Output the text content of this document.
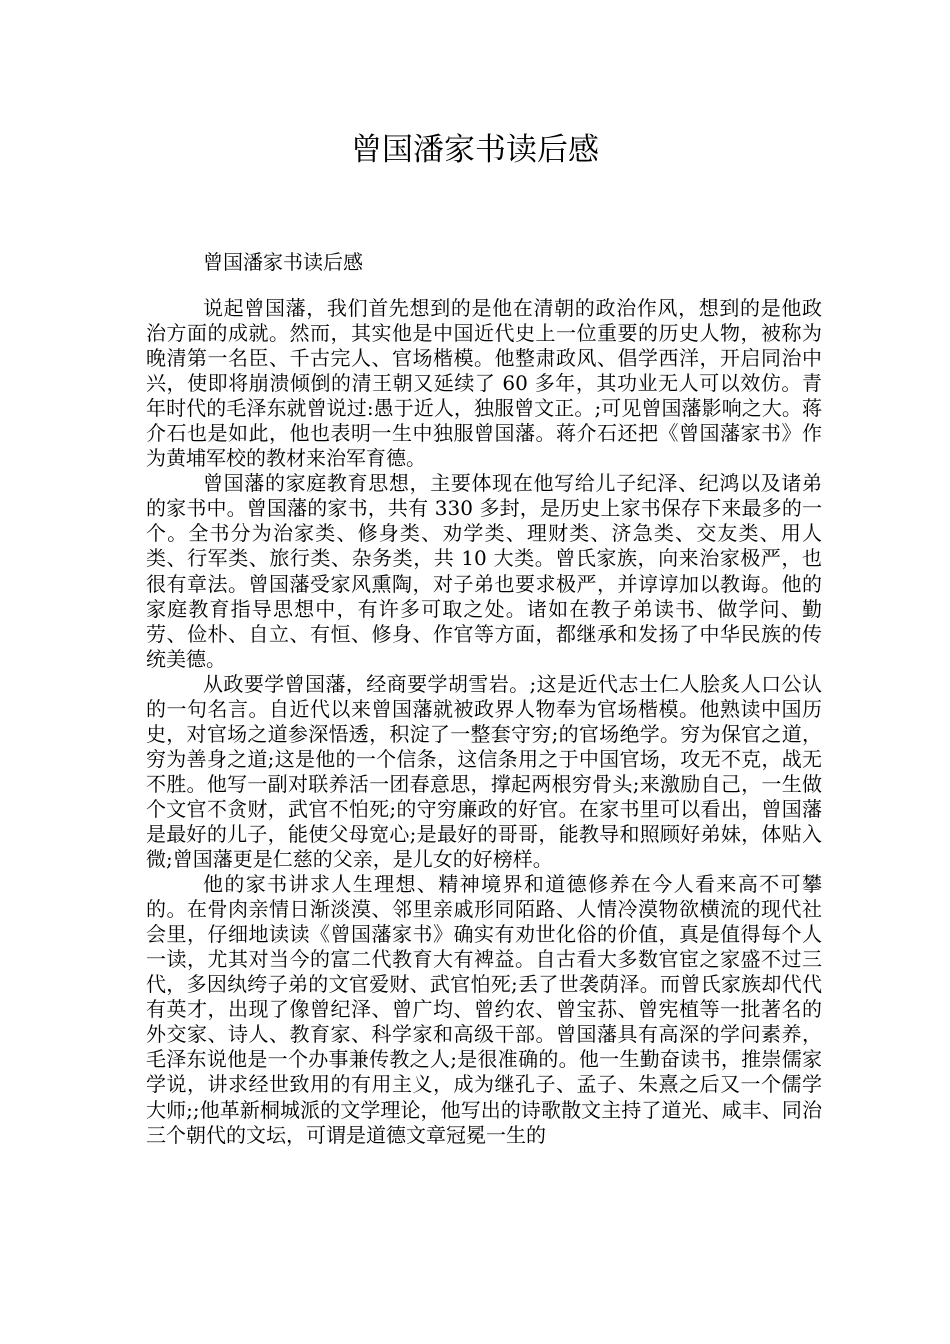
曾国潘家书读后感

曾国潘家书读后感

说起曾国藩，我们首先想到的是他在清朝的政治作风，想到的是他政治方面的成就。然而，其实他是中国近代史上一位重要的历史人物，被称为晚清第一名臣、千古完人、官场楷模。他整肃政风、倡学西洋，开启同治中兴，使即将崩溃倾倒的清王朝又延续了 60 多年，其功业无人可以效仿。青年时代的毛泽东就曾说过:愚于近人，独服曾文正。;可见曾国藩影响之大。蒋介石也是如此，他也表明一生中独服曾国藩。蒋介石还把《曾国藩家书》作为黄埔军校的教材来治军育德。

曾国藩的家庭教育思想，主要体现在他写给儿子纪泽、纪鸿以及诸弟的家书中。曾国藩的家书，共有 330 多封，是历史上家书保存下来最多的一个。全书分为治家类、修身类、劝学类、理财类、济急类、交友类、用人类、行军类、旅行类、杂务类，共 10 大类。曾氏家族，向来治家极严，也很有章法。曾国藩受家风熏陶，对子弟也要求极严，并谆谆加以教诲。他的家庭教育指导思想中，有许多可取之处。诸如在教子弟读书、做学问、勤劳、俭朴、自立、有恒、修身、作官等方面，都继承和发扬了中华民族的传统美德。

从政要学曾国藩，经商要学胡雪岩。;这是近代志士仁人脍炙人口公认的一句名言。自近代以来曾国藩就被政界人物奉为官场楷模。他熟读中国历史，对官场之道参深悟透，积淀了一整套守穷;的官场绝学。穷为保官之道，穷为善身之道;这是他的一个信条，这信条用之于中国官场，攻无不克，战无不胜。他写一副对联养活一团春意思，撑起两根穷骨头;来激励自己，一生做个文官不贪财，武官不怕死;的守穷廉政的好官。在家书里可以看出，曾国藩是最好的儿子，能使父母宽心;是最好的哥哥，能教导和照顾好弟妹，体贴入微;曾国藩更是仁慈的父亲，是儿女的好榜样。

他的家书讲求人生理想、精神境界和道德修养在今人看来高不可攀的。在骨肉亲情日渐淡漠、邻里亲戚形同陌路、人情冷漠物欲横流的现代社会里，仔细地读读《曾国藩家书》确实有劝世化俗的价值，真是值得每个人一读，尤其对当今的富二代教育大有裨益。自古看大多数官宦之家盛不过三代，多因纨绔子弟的文官爱财、武官怕死;丢了世袭荫泽。而曾氏家族却代代有英才，出现了像曾纪泽、曾广均、曾约农、曾宝荪、曾宪植等一批著名的外交家、诗人、教育家、科学家和高级干部。曾国藩具有高深的学问素养，毛泽东说他是一个办事兼传教之人;是很准确的。他一生勤奋读书，推崇儒家学说，讲求经世致用的有用主义，成为继孔子、孟子、朱熹之后又一个儒学大师;;他革新桐城派的文学理论，他写出的诗歌散文主持了道光、咸丰、同治三个朝代的文坛，可谓是道德文章冠冕一生的
